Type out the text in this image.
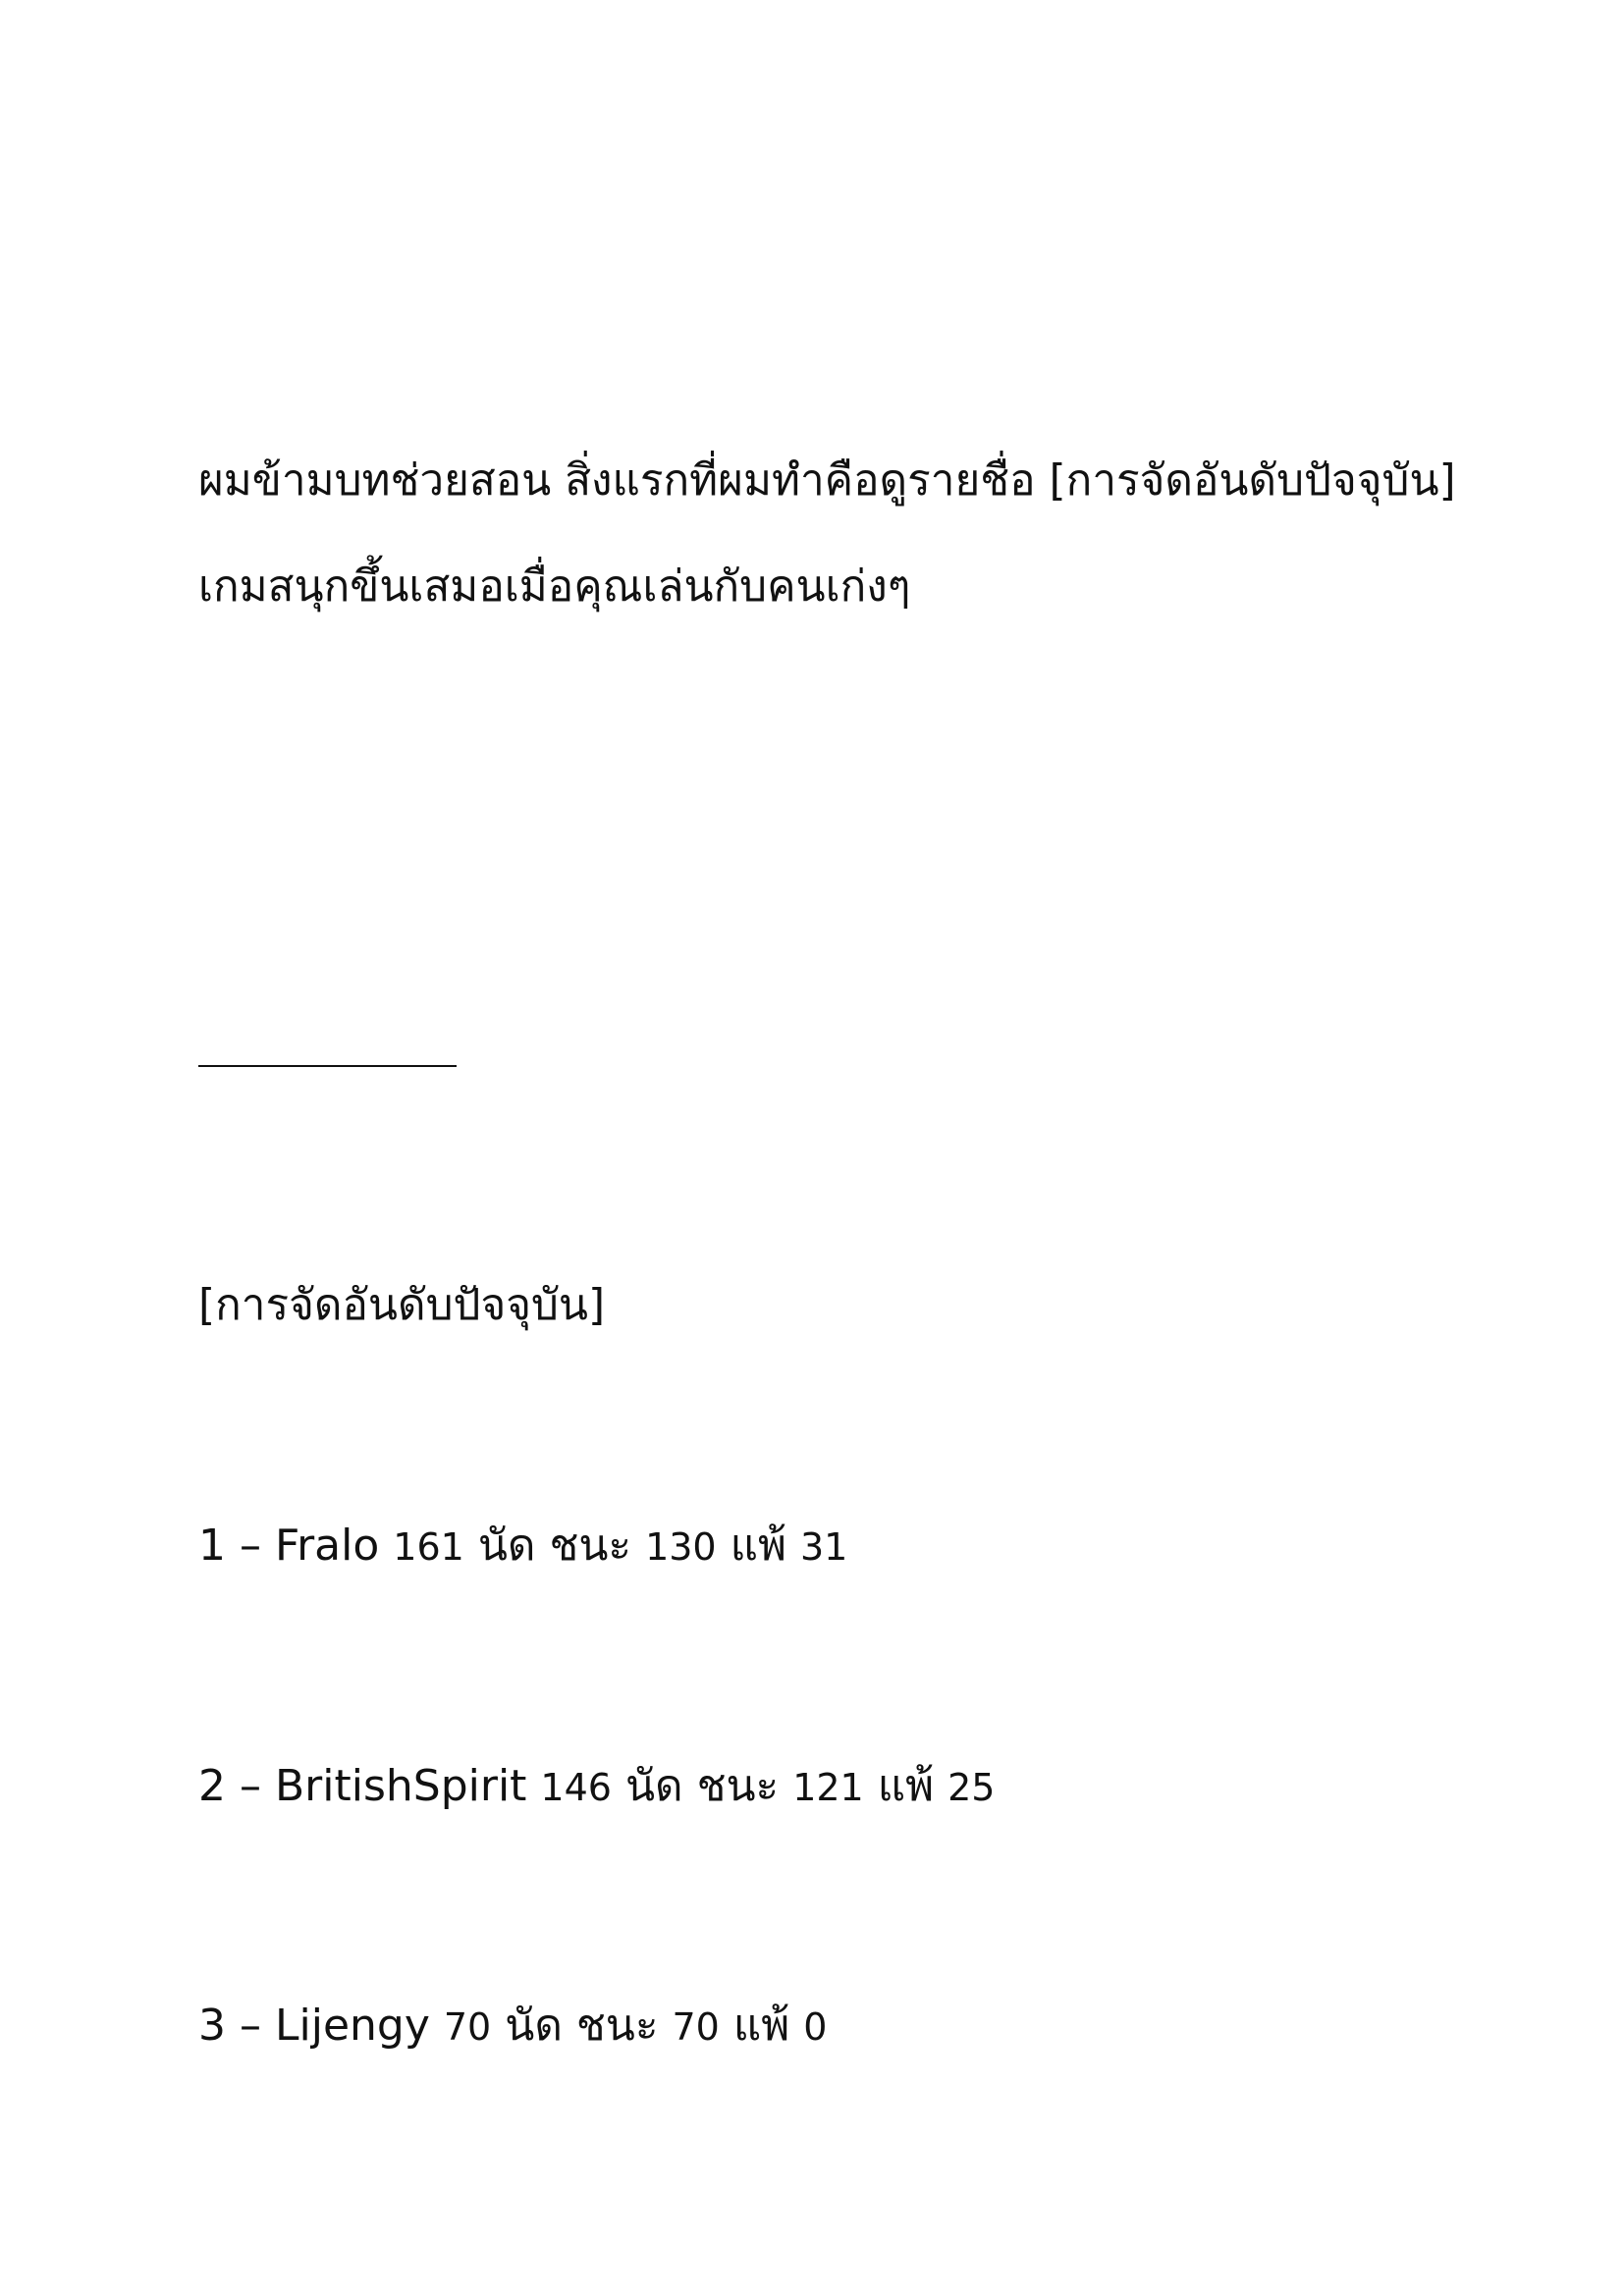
ผมข้ามบทช่วยสอน สิ่งแรกที่ผมทำคือดูรายชื่อ [การจัดอันดับปัจจุบัน]
เกมสนุกขึ้นเสมอเมื่อคุณเล่นกับคนเก่งๆ
[การจัดอันดับปัจจุบัน]
1 – Fralo 161 นัด ชนะ 130 แพ้ 31
2 – BritishSpirit 146 นัด ชนะ 121 แพ้ 25
3 – Lijengy 70 นัด ชนะ 70 แพ้ 0
